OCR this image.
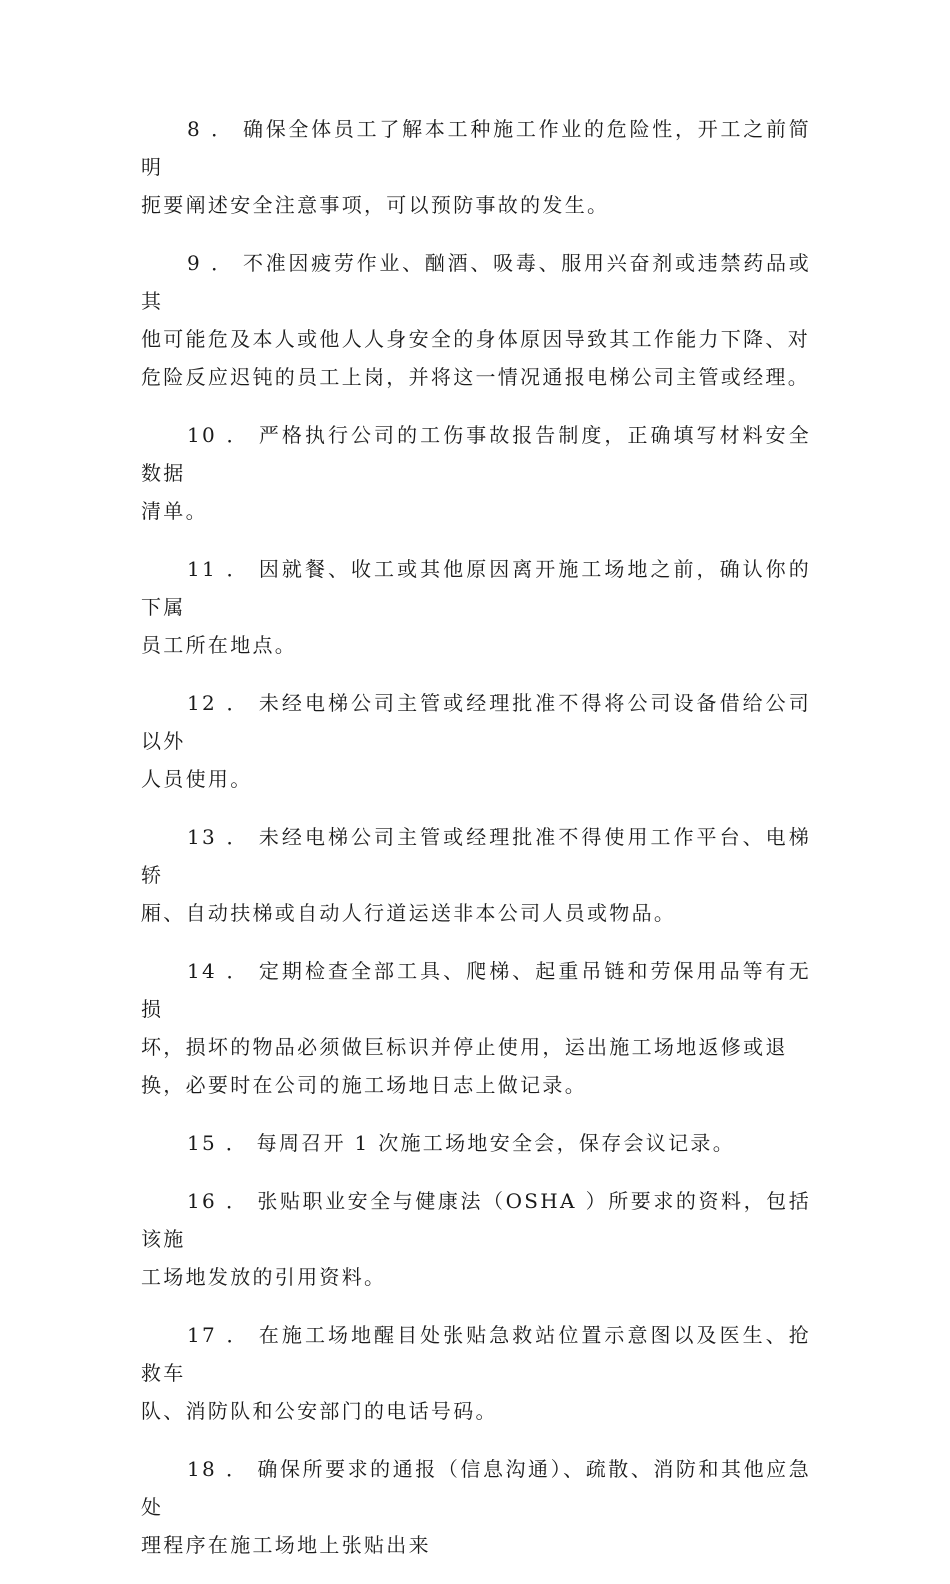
8 ． 确保全体员工了解本工种施工作业的危险性，开工之前简明
扼要阐述安全注意事项，可以预防事故的发生。
9 ． 不准因疲劳作业、酗酒、吸毒、服用兴奋剂或违禁药品或其
他可能危及本人或他人人身安全的身体原因导致其工作能力下降、对
危险反应迟钝的员工上岗，并将这一情况通报电梯公司主管或经理。
10 ． 严格执行公司的工伤事故报告制度，正确填写材料安全数据
清单。
11 ． 因就餐、收工或其他原因离开施工场地之前，确认你的下属
员工所在地点。
12 ． 未经电梯公司主管或经理批准不得将公司设备借给公司以外
人员使用。
13 ． 未经电梯公司主管或经理批准不得使用工作平台、电梯轿
厢、自动扶梯或自动人行道运送非本公司人员或物品。
14 ． 定期检查全部工具、爬梯、起重吊链和劳保用品等有无损
坏，损坏的物品必须做巨标识并停止使用，运出施工场地返修或退
换，必要时在公司的施工场地日志上做记录。
15 ． 每周召开 1 次施工场地安全会，保存会议记录。
16 ． 张贴职业安全与健康法（OSHA ）所要求的资料，包括该施
工场地发放的引用资料。
17 ． 在施工场地醒目处张贴急救站位置示意图以及医生、抢救车
队、消防队和公安部门的电话号码。
18 ． 确保所要求的通报（信息沟通）、疏散、消防和其他应急处
理程序在施工场地上张贴出来
